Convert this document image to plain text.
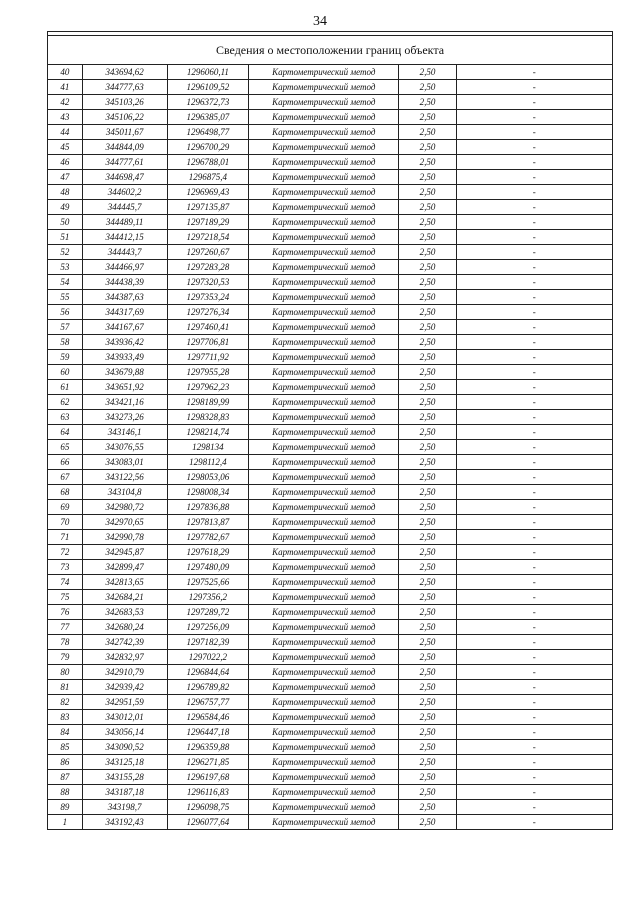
34

Сведения о местоположении границ объекта					
40	343694,62	1296060,11	Картометрический метод	2,50	-
41	344777,63	1296109,52	Картометрический метод	2,50	-
42	345103,26	1296372,73	Картометрический метод	2,50	-
43	345106,22	1296385,07	Картометрический метод	2,50	-
44	345011,67	1296498,77	Картометрический метод	2,50	-
45	344844,09	1296700,29	Картометрический метод	2,50	-
46	344777,61	1296788,01	Картометрический метод	2,50	-
47	344698,47	1296875,4	Картометрический метод	2,50	-
48	344602,2	1296969,43	Картометрический метод	2,50	-
49	344445,7	1297135,87	Картометрический метод	2,50	-
50	344489,11	1297189,29	Картометрический метод	2,50	-
51	344412,15	1297218,54	Картометрический метод	2,50	-
52	344443,7	1297260,67	Картометрический метод	2,50	-
53	344466,97	1297283,28	Картометрический метод	2,50	-
54	344438,39	1297320,53	Картометрический метод	2,50	-
55	344387,63	1297353,24	Картометрический метод	2,50	-
56	344317,69	1297276,34	Картометрический метод	2,50	-
57	344167,67	1297460,41	Картометрический метод	2,50	-
58	343936,42	1297706,81	Картометрический метод	2,50	-
59	343933,49	1297711,92	Картометрический метод	2,50	-
60	343679,88	1297955,28	Картометрический метод	2,50	-
61	343651,92	1297962,23	Картометрический метод	2,50	-
62	343421,16	1298189,99	Картометрический метод	2,50	-
63	343273,26	1298328,83	Картометрический метод	2,50	-
64	343146,1	1298214,74	Картометрический метод	2,50	-
65	343076,55	1298134	Картометрический метод	2,50	-
66	343083,01	1298112,4	Картометрический метод	2,50	-
67	343122,56	1298053,06	Картометрический метод	2,50	-
68	343104,8	1298008,34	Картометрический метод	2,50	-
69	342980,72	1297836,88	Картометрический метод	2,50	-
70	342970,65	1297813,87	Картометрический метод	2,50	-
71	342990,78	1297782,67	Картометрический метод	2,50	-
72	342945,87	1297618,29	Картометрический метод	2,50	-
73	342899,47	1297480,09	Картометрический метод	2,50	-
74	342813,65	1297525,66	Картометрический метод	2,50	-
75	342684,21	1297356,2	Картометрический метод	2,50	-
76	342683,53	1297289,72	Картометрический метод	2,50	-
77	342680,24	1297256,09	Картометрический метод	2,50	-
78	342742,39	1297182,39	Картометрический метод	2,50	-
79	342832,97	1297022,2	Картометрический метод	2,50	-
80	342910,79	1296844,64	Картометрический метод	2,50	-
81	342939,42	1296789,82	Картометрический метод	2,50	-
82	342951,59	1296757,77	Картометрический метод	2,50	-
83	343012,01	1296584,46	Картометрический метод	2,50	-
84	343056,14	1296447,18	Картометрический метод	2,50	-
85	343090,52	1296359,88	Картометрический метод	2,50	-
86	343125,18	1296271,85	Картометрический метод	2,50	-
87	343155,28	1296197,68	Картометрический метод	2,50	-
88	343187,18	1296116,83	Картометрический метод	2,50	-
89	343198,7	1296098,75	Картометрический метод	2,50	-
1	343192,43	1296077,64	Картометрический метод	2,50	-
